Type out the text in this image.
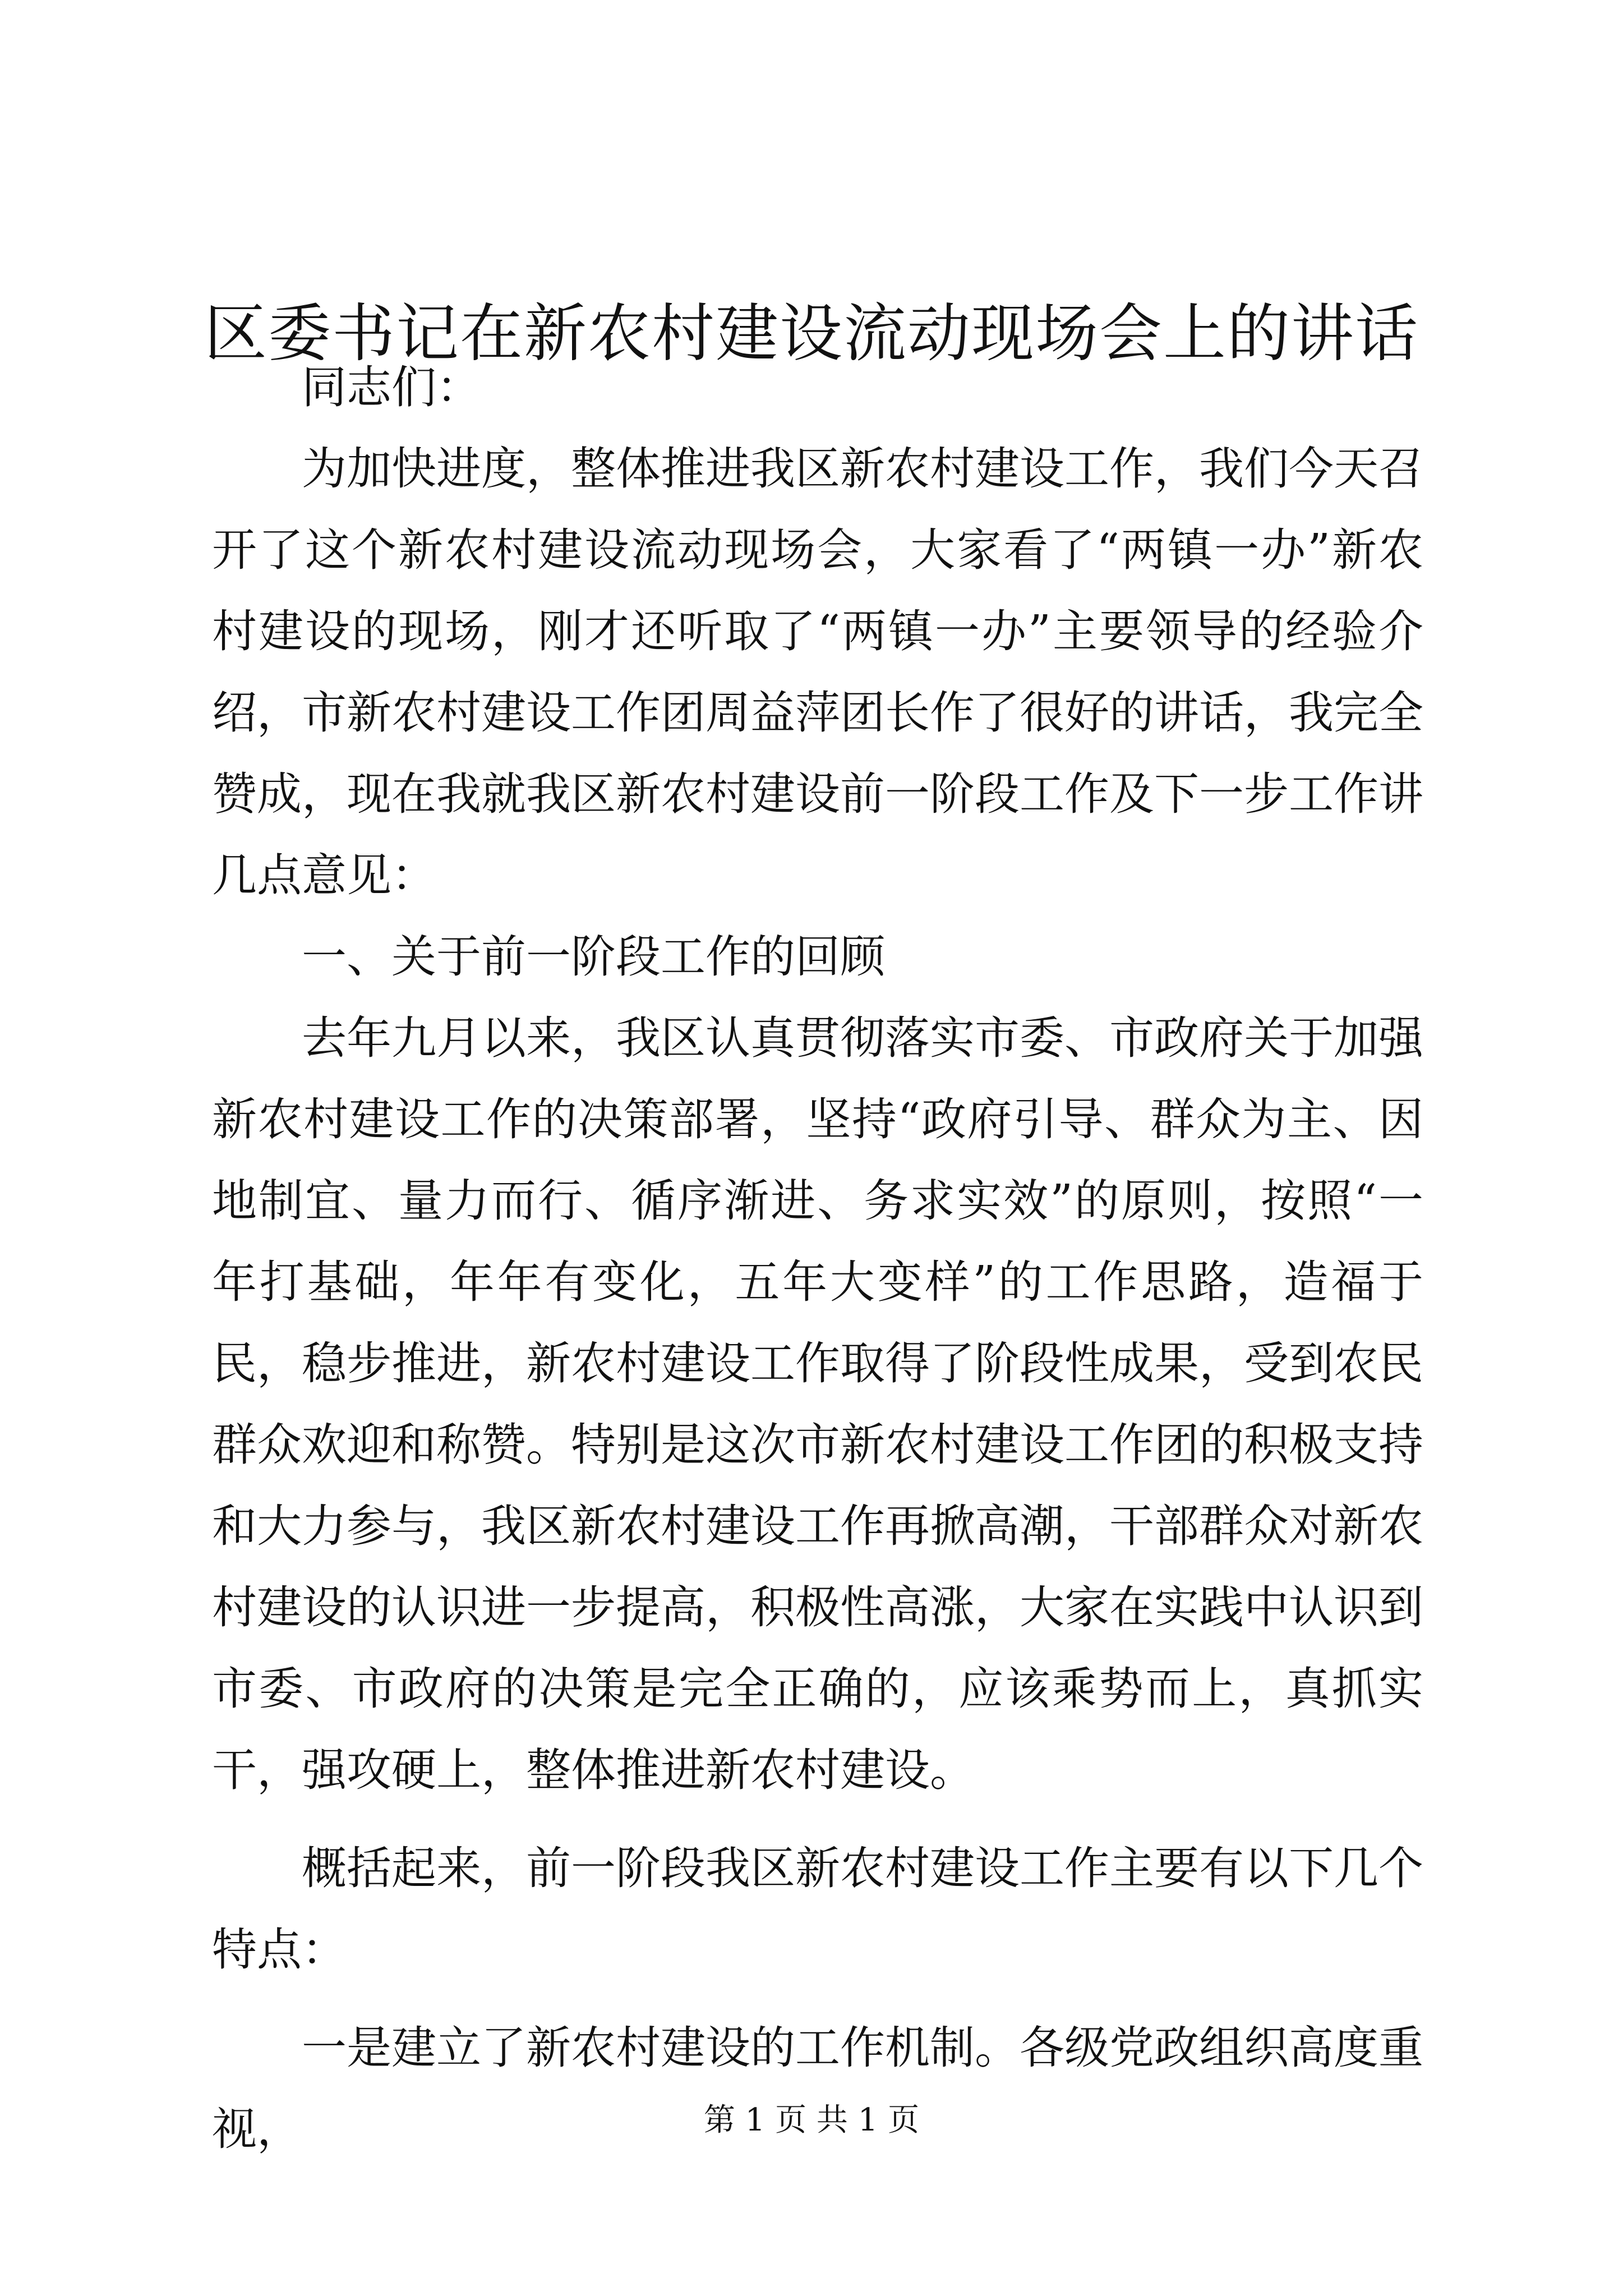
区委书记在新农村建设流动现场会上的讲话

同志们：

为加快进度，整体推进我区新农村建设工作，我们今天召开了这个新农村建设流动现场会，大家看了“两镇一办”新农村建设的现场，刚才还听取了“两镇一办”主要领导的经验介绍，市新农村建设工作团周益萍团长作了很好的讲话，我完全赞成，现在我就我区新农村建设前一阶段工作及下一步工作讲几点意见：

一、关于前一阶段工作的回顾

去年九月以来，我区认真贯彻落实市委、市政府关于加强新农村建设工作的决策部署，坚持“政府引导、群众为主、因地制宜、量力而行、循序渐进、务求实效”的原则，按照“一年打基础，年年有变化，五年大变样”的工作思路，造福于民，稳步推进，新农村建设工作取得了阶段性成果，受到农民群众欢迎和称赞。特别是这次市新农村建设工作团的积极支持和大力参与，我区新农村建设工作再掀高潮，干部群众对新农村建设的认识进一步提高，积极性高涨，大家在实践中认识到市委、市政府的决策是完全正确的，应该乘势而上，真抓实干，强攻硬上，整体推进新农村建设。

概括起来，前一阶段我区新农村建设工作主要有以下几个特点：

一是建立了新农村建设的工作机制。各级党政组织高度重视，	第 1 页 共 1 页
